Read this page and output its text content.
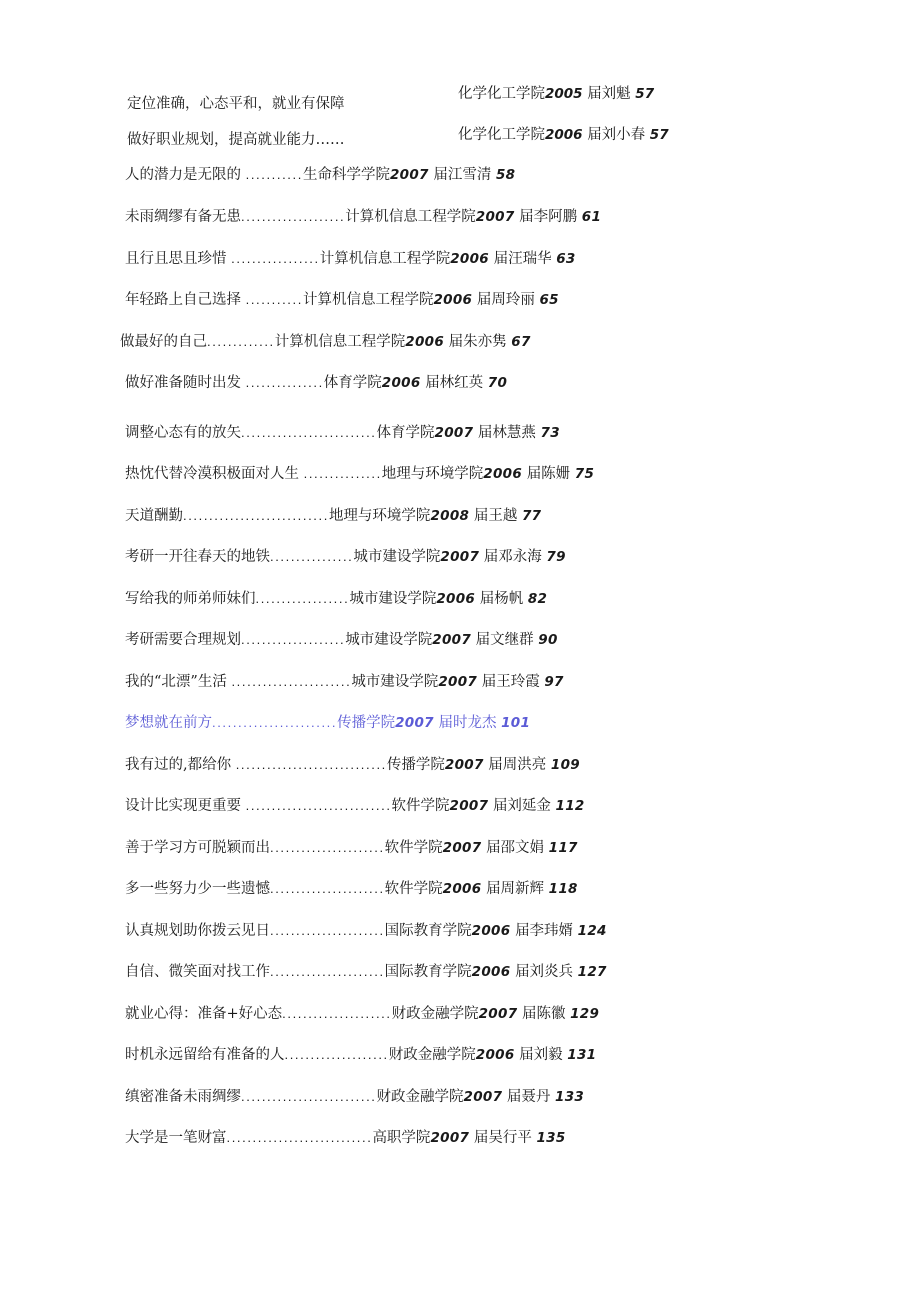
定位准确，心态平和，就业有保障
化学化工学院2005 届刘魁 57
做好职业规划，提高就业能力……	化学化工学院2006 届刘小春 57
人的潜力是无限的 ...........生命科学学院2007 届江雪清 58
未雨绸缪有备无患....................计算机信息工程学院2007 届李阿鹏 61
且行且思且珍惜 .................计算机信息工程学院2006 届汪瑞华 63
年轻路上自己选择 ...........计算机信息工程学院2006 届周玲丽 65
做最好的自己.............计算机信息工程学院2006 届朱亦隽 67
做好准备随时出发 ...............体育学院2006 届林红英 70
调整心态有的放矢..........................体育学院2007 届林慧燕 73
热忱代替冷漠积极面对人生 ...............地理与环境学院2006 届陈姗 75
天道酬勤............................地理与环境学院2008 届王越 77
考研一开往春天的地铁................城市建设学院2007 届邓永海 79
写给我的师弟师妹们..................城市建设学院2006 届杨帆 82
考研需要合理规划....................城市建设学院2007 届文继群 90
我的“北漂”生活 .......................城市建设学院2007 届王玲霞 97
梦想就在前方........................传播学院2007 届时龙杰 101
我有过的,都给你 .............................传播学院2007 届周洪亮 109
设计比实现更重要 ............................软件学院2007 届刘延金 112
善于学习方可脱颖而出......................软件学院2007 届邵文娟 117
多一些努力少一些遗憾......................软件学院2006 届周新辉 118
认真规划助你拨云见日......................国际教育学院2006 届李玮婿 124
自信、微笑面对找工作......................国际教育学院2006 届刘炎兵 127
就业心得：准备+好心态.....................财政金融学院2007 届陈徽 129
时机永远留给有准备的人....................财政金融学院2006 届刘毅 131
缜密准备未雨绸缪..........................财政金融学院2007 届聂丹 133
大学是一笔财富............................高职学院2007 届吴行平 135
